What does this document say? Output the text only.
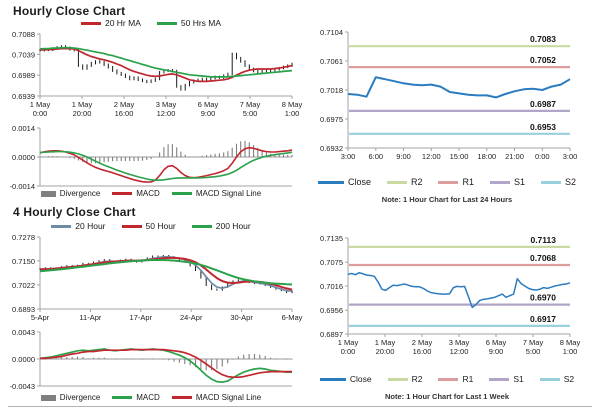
Hourly Close Chart
20 Hr MA	50 Hrs MA
0.7088
0.7039
0.6989
0.6939
1 May
0:00
1 May
20:00
2 May
16:00
3 May
12:00
6 May
9:00
7 May
5:00
8 May
1:00
0.0014
0.0000
-0.0014
Divergence	MACD	MACD Signal Line
0.7104
0.7061
0.7018
0.6975
0.6932
3:00 6:00 9:00 12:00 15:00 18:00 21:00 0:00 3:00
0.7083
0.7052
0.6987
0.6953
Close	R2	R1	S1	S2
Note: 1 Hour Chart for Last 24 Hours
4 Hourly Close Chart
20 Hour	50 Hour	200 Hour
0.7278
0.7150
0.7022
0.6893
5-Apr	11-Apr	17-Apr	24-Apr	30-Apr	6-May
0.0043
0.0000
-0.0043
Divergence	MACD	MACD Signal Line
0.7135
0.7075
0.7016
0.6956
0.6897
1 May
0:00
1 May
20:00
2 May
16:00
3 May
12:00
6 May
9:00
7 May
5:00
8 May
1:00
0.7113
0.7068
0.6970
0.6917
Close	R2	R1	S1	S2
Note: 1 Hour Chart for Last 1 Week
